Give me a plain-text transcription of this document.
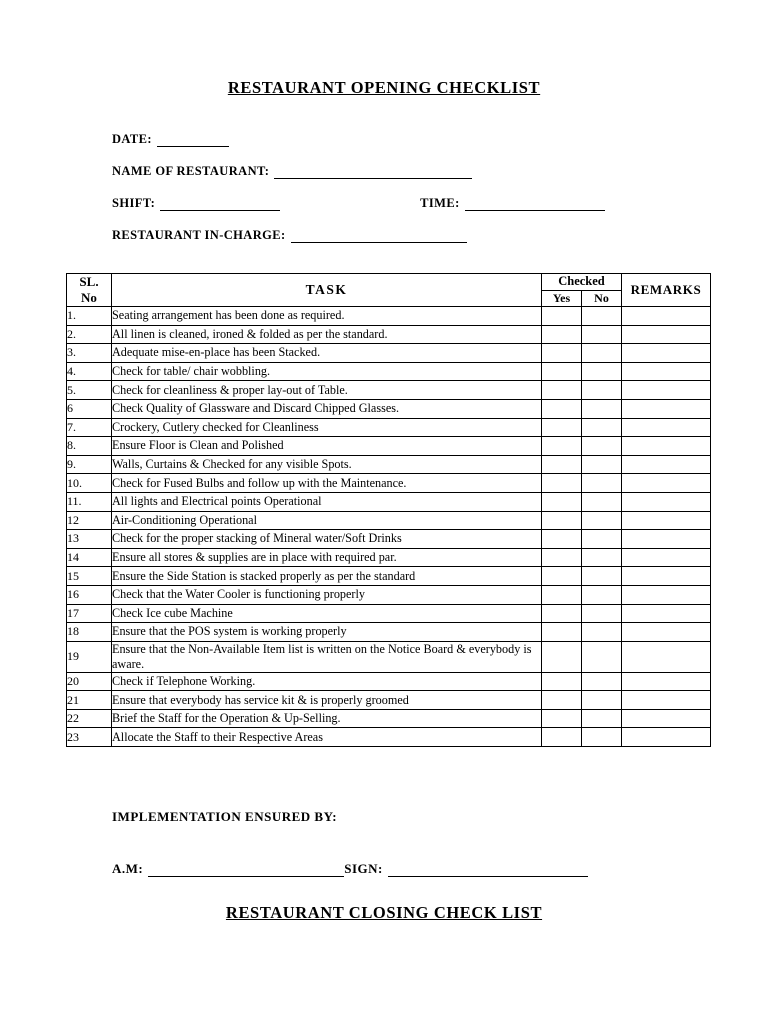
RESTAURANT OPENING CHECKLIST
DATE:
NAME OF RESTAURANT:
SHIFT:	TIME:
RESTAURANT IN-CHARGE:
SL.
No	TASK	Checked		REMARKS
		Yes	No	
1.	Seating arrangement has been done as required.			
2.	All linen is cleaned, ironed & folded as per the standard.			
3.	Adequate mise-en-place has been Stacked.			
4.	Check for table/ chair wobbling.			
5.	Check for cleanliness & proper lay-out of Table.			
6	Check Quality of Glassware and Discard Chipped Glasses.			
7.	Crockery, Cutlery checked for Cleanliness			
8.	Ensure Floor is Clean and Polished			
9.	Walls, Curtains & Checked for any visible Spots.			
10.	Check for Fused Bulbs and follow up with the Maintenance.			
11.	All lights and Electrical points Operational			
12	Air-Conditioning Operational			
13	Check for the proper stacking of Mineral water/Soft Drinks			
14	Ensure all stores & supplies are in place with required par.			
15	Ensure the Side Station is stacked properly as per the standard			
16	Check that the Water Cooler is functioning properly			
17	Check Ice cube Machine			
18	Ensure that the POS system is working properly			
19	Ensure that the Non-Available Item list is written on the Notice Board & everybody is aware.			
20	Check if Telephone Working.			
21	Ensure that everybody has service kit & is properly groomed			
22	Brief the Staff for the Operation & Up-Selling.			
23	Allocate the Staff to their Respective Areas			
IMPLEMENTATION ENSURED BY:
A.M:	SIGN:
RESTAURANT CLOSING CHECK LIST
